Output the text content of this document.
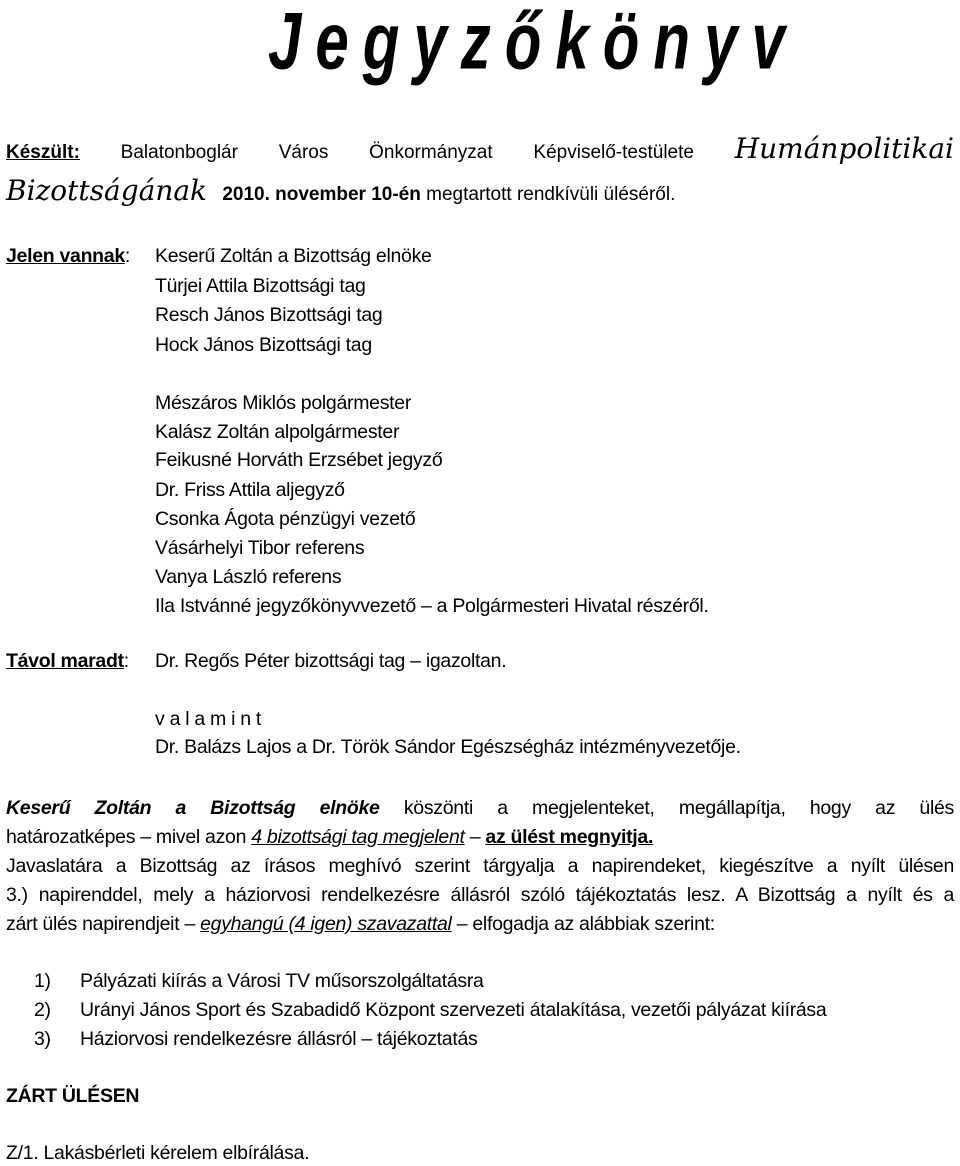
Jegyzőkönyv
Készült: Balatonboglár Város Önkormányzat Képviselő-testülete Humánpolitikai
Bizottságának 2010. november 10-én megtartott rendkívüli üléséről.
Jelen vannak: Keserű Zoltán a Bizottság elnöke
Türjei Attila Bizottsági tag
Resch János Bizottsági tag
Hock János Bizottsági tag
Mészáros Miklós polgármester
Kalász Zoltán alpolgármester
Feikusné Horváth Erzsébet jegyző
Dr. Friss Attila aljegyző
Csonka Ágota pénzügyi vezető
Vásárhelyi Tibor referens
Vanya László referens
Ila Istvánné jegyzőkönyvvezető – a Polgármesteri Hivatal részéről.
Távol maradt: Dr. Regős Péter bizottsági tag – igazoltan.
v a l a m i n t
Dr. Balázs Lajos a Dr. Török Sándor Egészségház intézményvezetője.
Keserű Zoltán a Bizottság elnöke köszönti a megjelenteket, megállapítja, hogy az ülés
határozatképes – mivel azon 4 bizottsági tag megjelent – az ülést megnyitja.
Javaslatára a Bizottság az írásos meghívó szerint tárgyalja a napirendeket, kiegészítve a nyílt ülésen
3.) napirenddel, mely a háziorvosi rendelkezésre állásról szóló tájékoztatás lesz. A Bizottság a nyílt és a
zárt ülés napirendjeit – egyhangú (4 igen) szavazattal – elfogadja az alábbiak szerint:
1) Pályázati kiírás a Városi TV műsorszolgáltatásra
2) Urányi János Sport és Szabadidő Központ szervezeti átalakítása, vezetői pályázat kiírása
3) Háziorvosi rendelkezésre állásról – tájékoztatás
ZÁRT ÜLÉSEN
Z/1. Lakásbérleti kérelem elbírálása.
